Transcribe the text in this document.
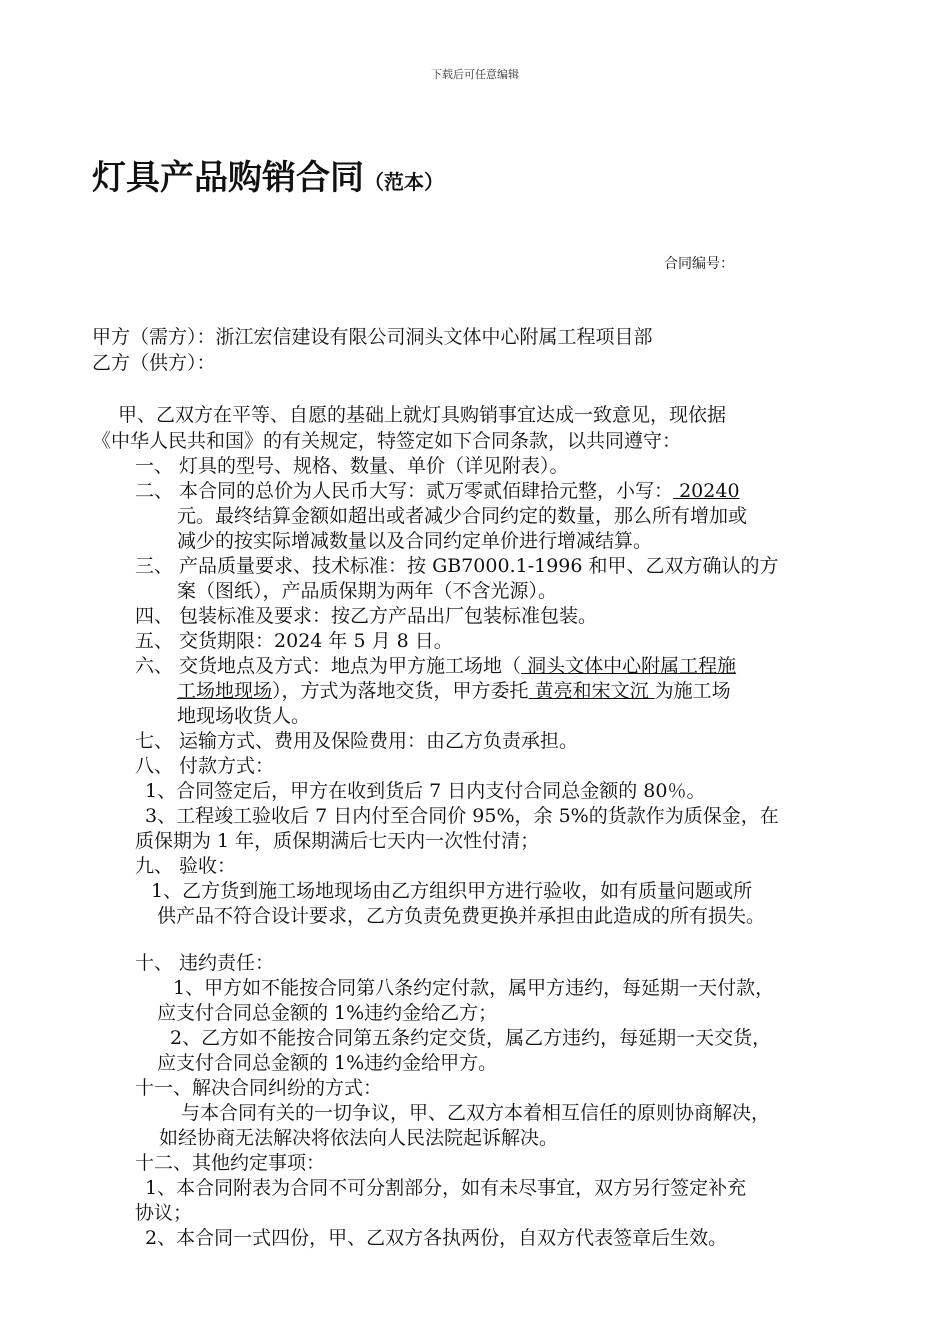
下载后可任意编辑
灯具产品购销合同（范本）
合同编号：
甲方（需方）：浙江宏信建设有限公司洞头文体中心附属工程项目部
乙方（供方）：
甲、乙双方在平等、自愿的基础上就灯具购销事宜达成一致意见，现依据
《中华人民共和国》的有关规定，特签定如下合同条款，以共同遵守：
一、 灯具的型号、规格、数量、单价（详见附表）。
二、 本合同的总价为人民币大写：贰万零贰佰肆拾元整，小写： 20240
元。最终结算金额如超出或者减少合同约定的数量，那么所有增加或
减少的按实际增减数量以及合同约定单价进行增减结算。
三、 产品质量要求、技术标准：按 GB7000.1-1996 和甲、乙双方确认的方
案（图纸），产品质保期为两年（不含光源）。
四、 包装标准及要求：按乙方产品出厂包装标准包装。
五、 交货期限：2024 年 5 月 8 日。
六、 交货地点及方式：地点为甲方施工场地（ 洞头文体中心附属工程施
工场地现场），方式为落地交货，甲方委托 黄亮和宋文沉 为施工场
地现场收货人。
七、 运输方式、费用及保险费用：由乙方负责承担。
八、 付款方式：
1、合同签定后，甲方在收到货后 7 日内支付合同总金额的 80％。
3、工程竣工验收后 7 日内付至合同价 95%，余 5%的货款作为质保金，在
质保期为 1 年，质保期满后七天内一次性付清；
九、 验收：
1、乙方货到施工场地现场由乙方组织甲方进行验收，如有质量问题或所
供产品不符合设计要求，乙方负责免费更换并承担由此造成的所有损失。
十、 违约责任：
1、甲方如不能按合同第八条约定付款，属甲方违约，每延期一天付款，
应支付合同总金额的 1%违约金给乙方；
2、乙方如不能按合同第五条约定交货，属乙方违约，每延期一天交货，
应支付合同总金额的 1%违约金给甲方。
十一、解决合同纠纷的方式：
与本合同有关的一切争议，甲、乙双方本着相互信任的原则协商解决，
如经协商无法解决将依法向人民法院起诉解决。
十二、其他约定事项：
1、本合同附表为合同不可分割部分，如有未尽事宜，双方另行签定补充
协议；
2、本合同一式四份，甲、乙双方各执两份，自双方代表签章后生效。
